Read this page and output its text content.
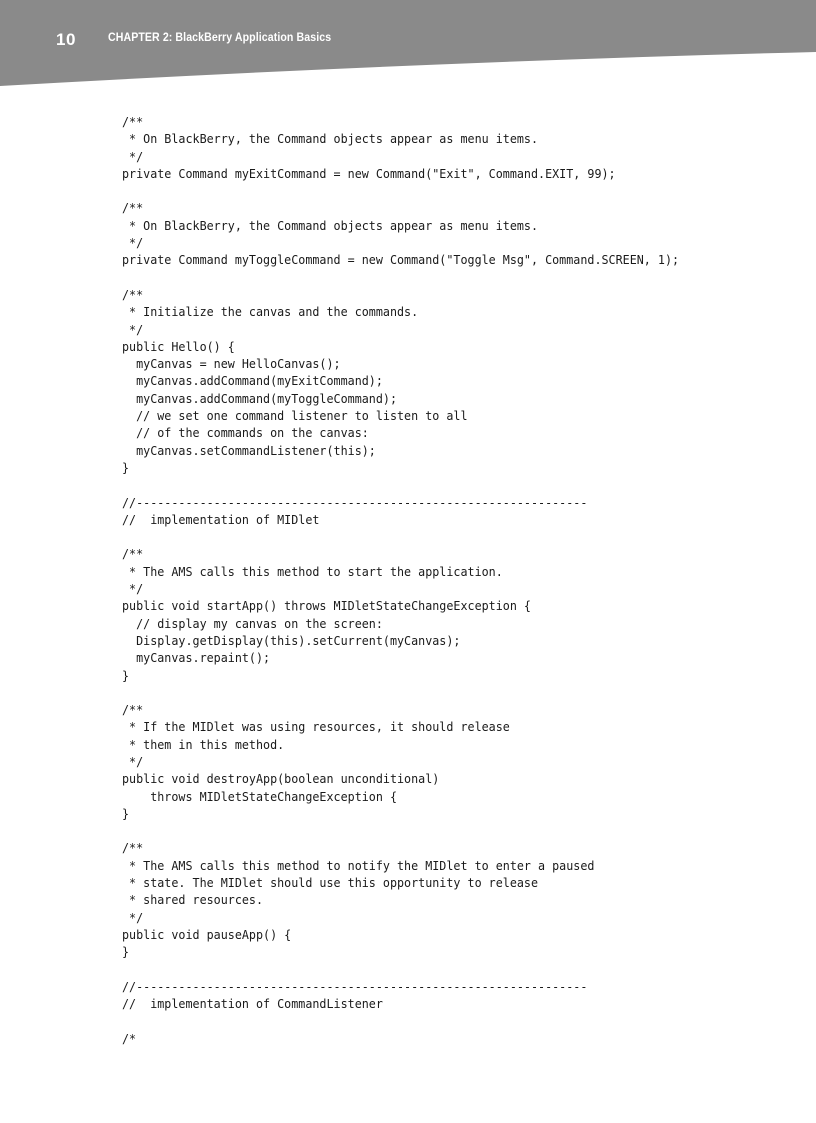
10	CHAPTER 2: BlackBerry Application Basics
/**
* On BlackBerry, the Command objects appear as menu items.
*/
private Command myExitCommand = new Command("Exit", Command.EXIT, 99);
/**
* On BlackBerry, the Command objects appear as menu items.
*/
private Command myToggleCommand = new Command("Toggle Msg", Command.SCREEN, 1);
/**
* Initialize the canvas and the commands.
*/
public Hello() {
myCanvas = new HelloCanvas();
myCanvas.addCommand(myExitCommand);
myCanvas.addCommand(myToggleCommand);
// we set one command listener to listen to all
// of the commands on the canvas:
myCanvas.setCommandListener(this);
}
//----------------------------------------------------------------
//  implementation of MIDlet
/**
* The AMS calls this method to start the application.
*/
public void startApp() throws MIDletStateChangeException {
// display my canvas on the screen:
Display.getDisplay(this).setCurrent(myCanvas);
myCanvas.repaint();
}
/**
* If the MIDlet was using resources, it should release
* them in this method.
*/
public void destroyApp(boolean unconditional)
throws MIDletStateChangeException {
}
/**
* The AMS calls this method to notify the MIDlet to enter a paused
* state. The MIDlet should use this opportunity to release
* shared resources.
*/
public void pauseApp() {
}
//----------------------------------------------------------------
//  implementation of CommandListener
/*
